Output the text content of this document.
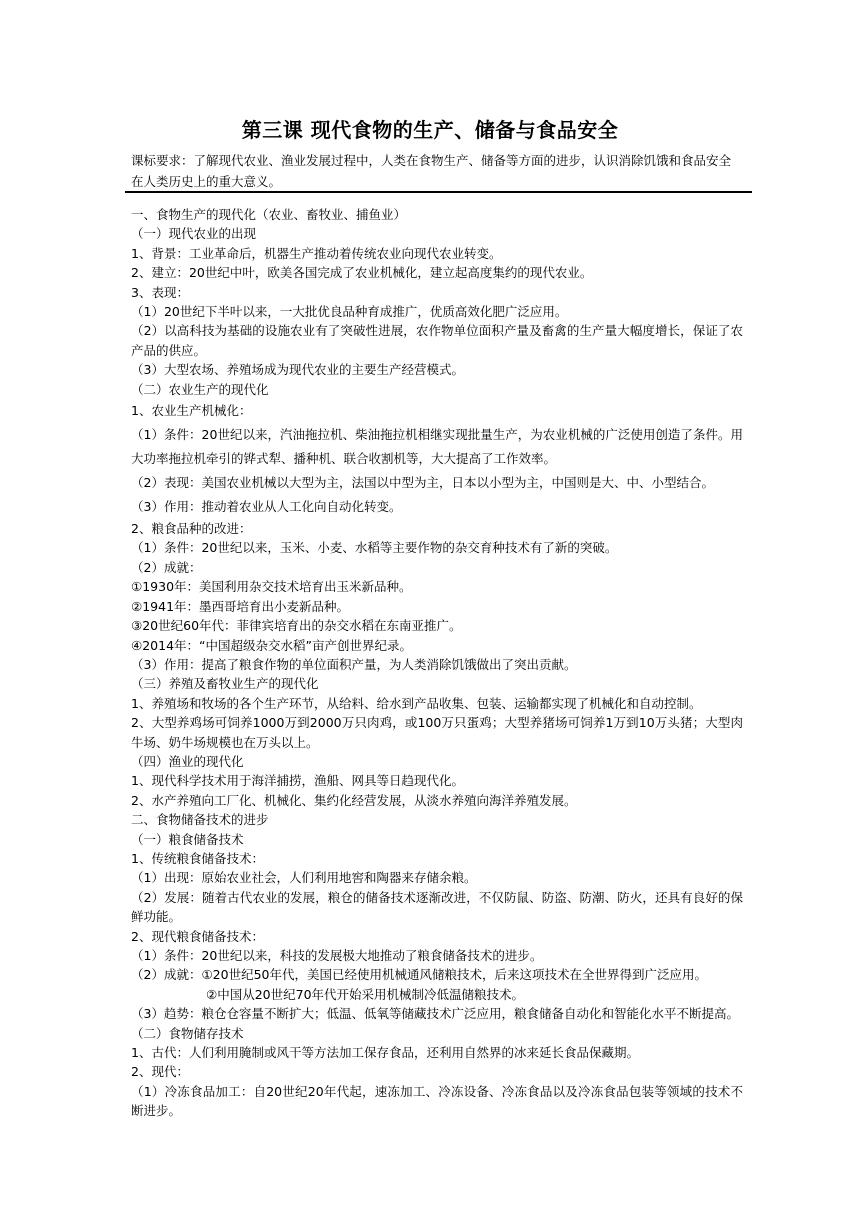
第三课 现代食物的生产、储备与食品安全
课标要求：了解现代农业、渔业发展过程中，人类在食物生产、储备等方面的进步，认识消除饥饿和食品安全在人类历史上的重大意义。

一、食物生产的现代化（农业、畜牧业、捕鱼业）

（一）现代农业的出现

1、背景：工业革命后，机器生产推动着传统农业向现代农业转变。

2、建立：20世纪中叶，欧美各国完成了农业机械化，建立起高度集约的现代农业。

3、表现：

（1）20世纪下半叶以来，一大批优良品种育成推广，优质高效化肥广泛应用。

（2）以高科技为基础的设施农业有了突破性进展，农作物单位面积产量及畜禽的生产量大幅度增长，保证了农产品的供应。

（3）大型农场、养殖场成为现代农业的主要生产经营模式。

（二）农业生产的现代化

1、农业生产机械化：

（1）条件：20世纪以来，汽油拖拉机、柴油拖拉机相继实现批量生产，为农业机械的广泛使用创造了条件。用大功率拖拉机牵引的铧式犁、播种机、联合收割机等，大大提高了工作效率。

（2）表现：美国农业机械以大型为主，法国以中型为主，日本以小型为主，中国则是大、中、小型结合。

（3）作用：推动着农业从人工化向自动化转变。

2、粮食品种的改进：

（1）条件：20世纪以来，玉米、小麦、水稻等主要作物的杂交育种技术有了新的突破。

（2）成就：

①1930年：美国利用杂交技术培育出玉米新品种。

②1941年：墨西哥培育出小麦新品种。

③20世纪60年代：菲律宾培育出的杂交水稻在东南亚推广。

④2014年：“中国超级杂交水稻”亩产创世界纪录。

（3）作用：提高了粮食作物的单位面积产量，为人类消除饥饿做出了突出贡献。

（三）养殖及畜牧业生产的现代化

1、养殖场和牧场的各个生产环节，从给料、给水到产品收集、包装、运输都实现了机械化和自动控制。

2、大型养鸡场可饲养1000万到2000万只肉鸡，或100万只蛋鸡；大型养猪场可饲养1万到10万头猪；大型肉牛场、奶牛场规模也在万头以上。

（四）渔业的现代化

1、现代科学技术用于海洋捕捞，渔船、网具等日趋现代化。

2、水产养殖向工厂化、机械化、集约化经营发展，从淡水养殖向海洋养殖发展。

二、食物储备技术的进步

（一）粮食储备技术

1、传统粮食储备技术：

（1）出现：原始农业社会，人们利用地窖和陶器来存储余粮。

（2）发展：随着古代农业的发展，粮仓的储备技术逐渐改进，不仅防鼠、防盗、防潮、防火，还具有良好的保鲜功能。

2、现代粮食储备技术：

（1）条件：20世纪以来，科技的发展极大地推动了粮食储备技术的进步。

（2）成就：①20世纪50年代，美国已经使用机械通风储粮技术，后来这项技术在全世界得到广泛应用。

②中国从20世纪70年代开始采用机械制冷低温储粮技术。

（3）趋势：粮仓仓容量不断扩大；低温、低氧等储藏技术广泛应用，粮食储备自动化和智能化水平不断提高。

（二）食物储存技术

1、古代：人们利用腌制或风干等方法加工保存食品，还利用自然界的冰来延长食品保藏期。

2、现代：

（1）冷冻食品加工：自20世纪20年代起，速冻加工、冷冻设备、冷冻食品以及冷冻食品包装等领域的技术不断进步。
